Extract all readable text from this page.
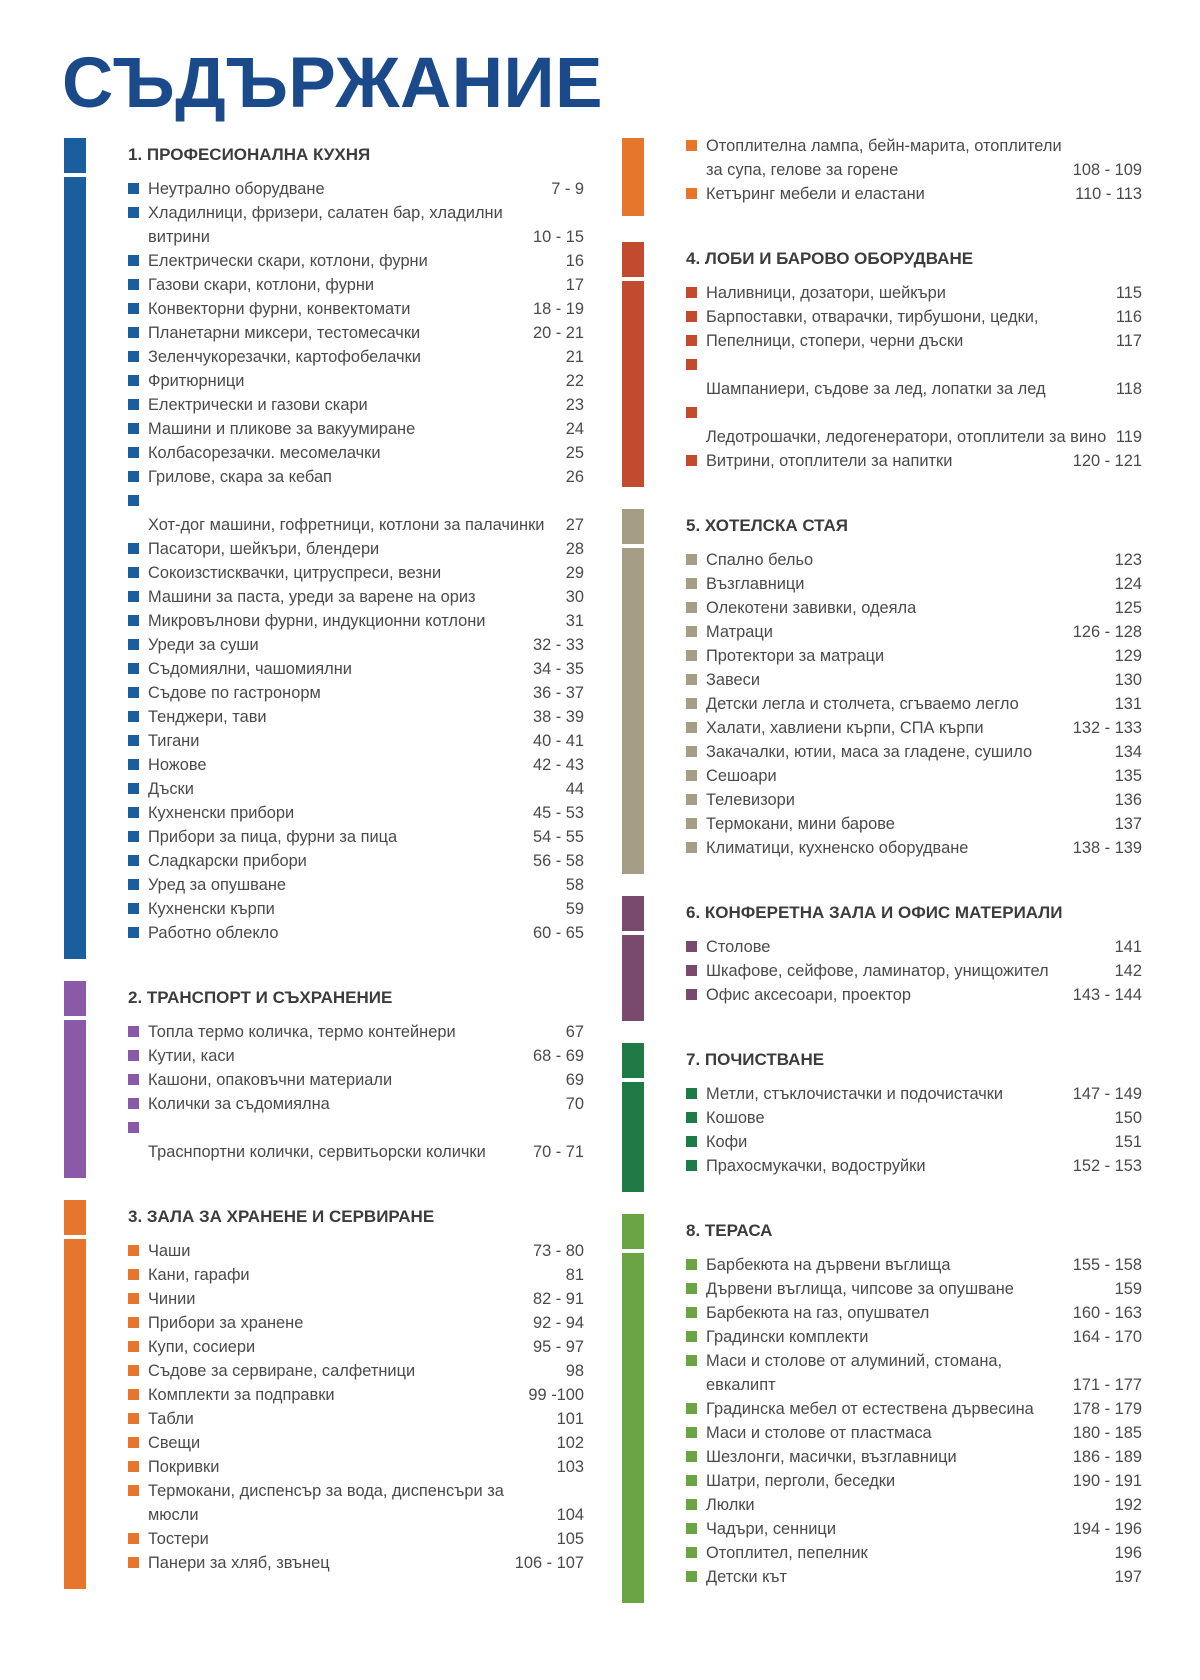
СЪДЪРЖАНИЕ
1. ПРОФЕСИОНАЛНА КУХНЯ
Неутрално оборудване	7 - 9
Хладилници, фризери, салатен бар, хладилни витрини	10 - 15
Електрически скари, котлони, фурни	16
Газови скари, котлони, фурни	17
Конвекторни фурни, конвектомати	18 - 19
Планетарни миксери, тестомесачки	20 - 21
Зеленчукорезачки, картофобелачки	21
Фритюрници	22
Електрически и газови скари	23
Машини и пликове за вакуумиране	24
Колбасорезачки. месомелачки	25
Грилове, скара за кебап	26
Хот-дог машини, гофретници, котлони за палачинки	27
Пасатори, шейкъри, блендери	28
Сокоизстисквачки, цитруспреси, везни	29
Машини за паста, уреди за варене на ориз	30
Микровълнови фурни, индукционни котлони	31
Уреди за суши	32 - 33
Съдомиялни, чашомиялни	34 - 35
Съдове по гастронорм	36 - 37
Тенджери, тави	38 - 39
Тигани	40 - 41
Ножове	42 - 43
Дъски	44
Кухненски прибори	45 - 53
Прибори за пица, фурни за пица	54 - 55
Сладкарски прибори	56 - 58
Уред за опушване	58
Кухненски кърпи	59
Работно облекло	60 - 65
2. ТРАНСПОРТ И СЪХРАНЕНИЕ
Топла термо количка, термо контейнери	67
Кутии, каси	68 - 69
Кашони, опаковъчни материали	69
Колички за съдомиялна	70
Траснпортни колички, сервитьорски колички	70 - 71
3. ЗАЛА ЗА ХРАНЕНЕ И СЕРВИРАНЕ
Чаши	73 - 80
Кани, гарафи	81
Чинии	82 - 91
Прибори за хранене	92 - 94
Купи, сосиери	95 - 97
Съдове за сервиране, салфетници	98
Комплекти за подправки	99 -100
Табли	101
Свещи	102
Покривки	103
Термокани, диспенсър за вода, диспенсъри за мюсли	104
Тостери	105
Панери за хляб, звънец	106 - 107
Отоплителна лампа, бейн-марита, отоплители за супа, гелове за горене	108 - 109
Кетъринг мебели и еластани	110 - 113
4. ЛОБИ И БАРОВО ОБОРУДВАНЕ
Наливници, дозатори, шейкъри	115
Барпоставки, отварачки, тирбушони, цедки,	116
Пепелници, стопери, черни дъски	117
Шампаниери, съдове за лед, лопатки за лед	118
Ледотрошачки, ледогенератори, отоплители за вино 119
Витрини, отоплители за напитки	120 - 121
5. ХОТЕЛСКА СТАЯ
Спално бельо	123
Възглавници	124
Олекотени завивки, одеяла	125
Матраци	126 - 128
Протектори за матраци	129
Завеси	130
Детски легла и столчета, сгъваемо легло	131
Халати, хавлиени кърпи, СПА кърпи	132 - 133
Закачалки, ютии, маса за гладене, сушило	134
Сешоари	135
Телевизори	136
Термокани, мини барове	137
Климатици, кухненско оборудване	138 - 139
6. КОНФЕРЕТНА ЗАЛА И ОФИС МАТЕРИАЛИ
Столове	141
Шкафове, сейфове, ламинатор, унищожител	142
Офис аксесоари, проектор	143 - 144
7. ПОЧИСТВАНЕ
Метли, стъклочистачки и подочистачки	147 - 149
Кошове	150
Кофи	151
Прахосмукачки, водоструйки	152 - 153
8. ТЕРАСА
Барбекюта на дървени въглища	155 - 158
Дървени въглища, чипсове за опушване	159
Барбекюта на газ, опушвател	160 - 163
Градински комплекти	164 - 170
Маси и столове от алуминий, стомана, евкалипт	171 - 177
Градинска мебел от естествена дървесина	178 - 179
Маси и столове от пластмаса	180 - 185
Шезлонги, масички, възглавници	186 - 189
Шатри, перголи, беседки	190 - 191
Люлки	192
Чадъри, сенници	194 - 196
Отоплител, пепелник	196
Детски кът	197
